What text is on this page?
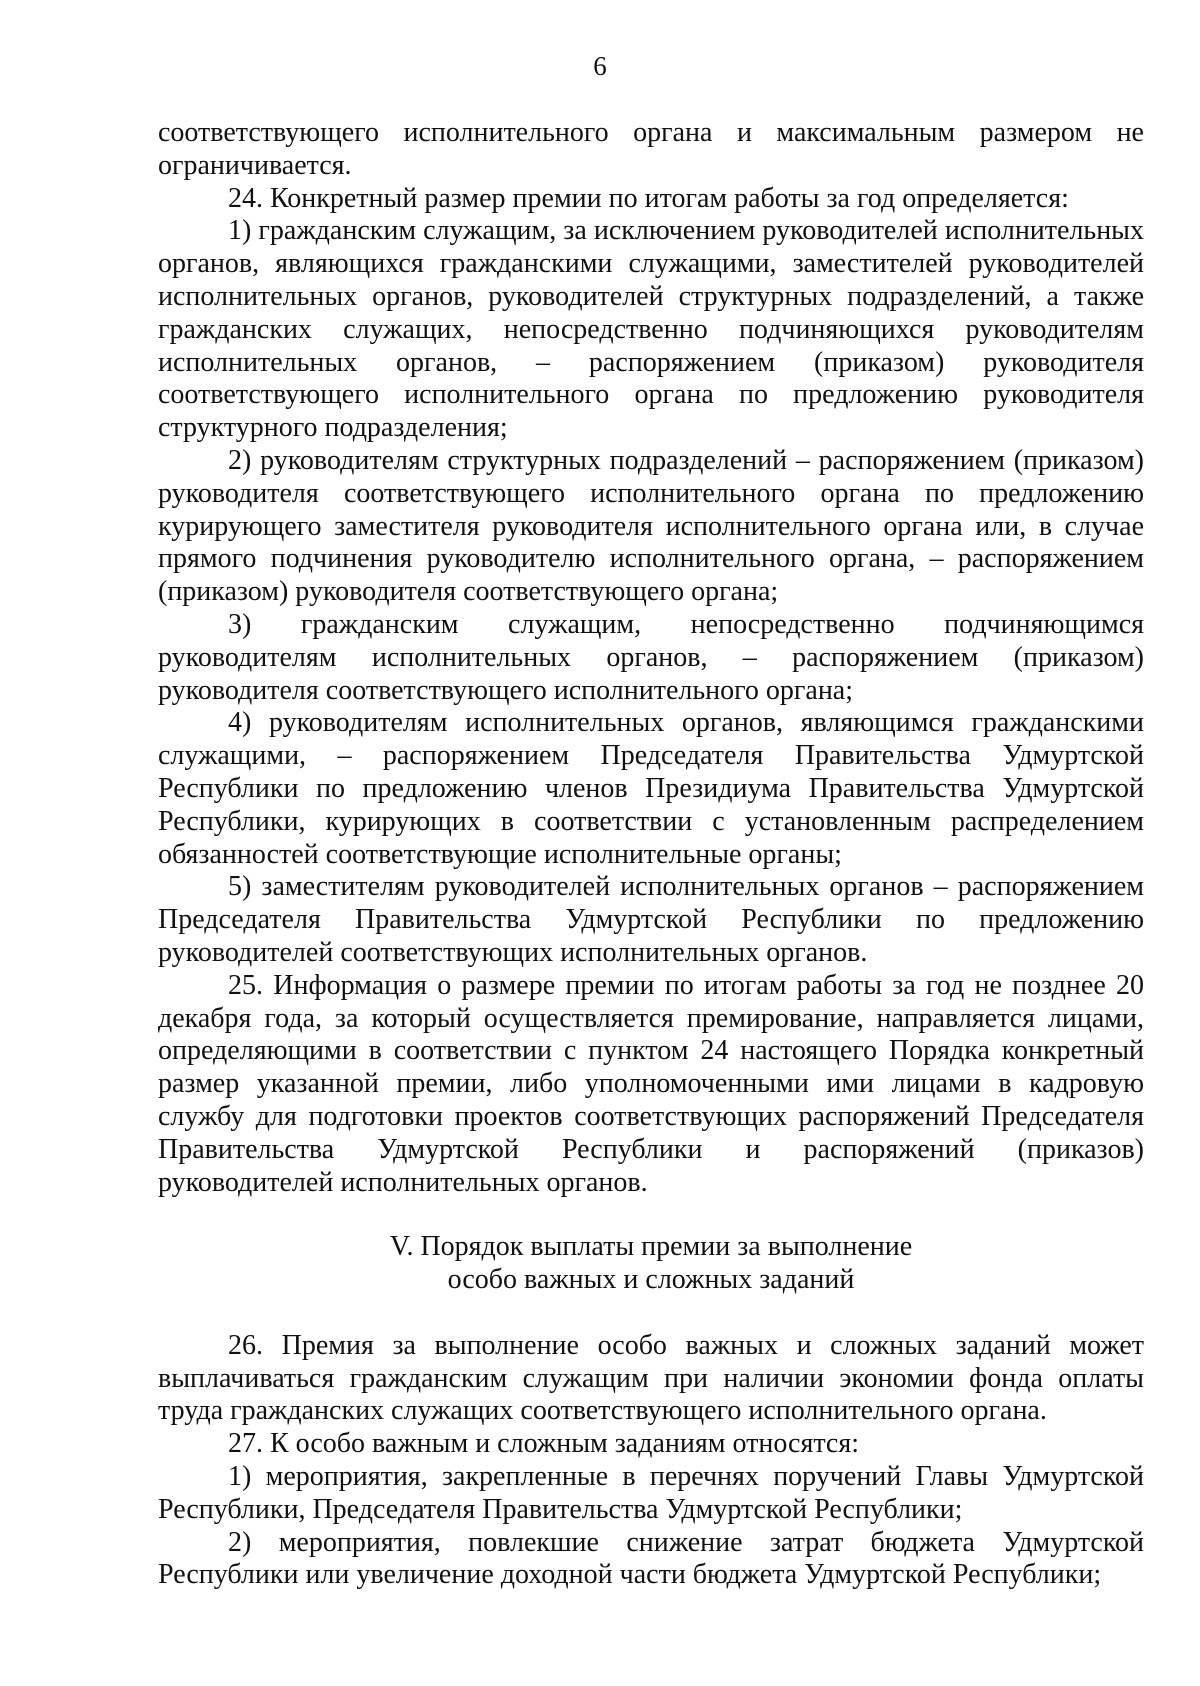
6

соответствующего исполнительного органа и максимальным размером не ограничивается.

24. Конкретный размер премии по итогам работы за год определяется:

1) гражданским служащим, за исключением руководителей исполнительных органов, являющихся гражданскими служащими, заместителей руководителей исполнительных органов, руководителей структурных подразделений, а также гражданских служащих, непосредственно подчиняющихся руководителям исполнительных органов, – распоряжением (приказом) руководителя соответствующего исполнительного органа по предложению руководителя структурного подразделения;

2) руководителям структурных подразделений – распоряжением (приказом) руководителя соответствующего исполнительного органа по предложению курирующего заместителя руководителя исполнительного органа или, в случае прямого подчинения руководителю исполнительного органа, – распоряжением (приказом) руководителя соответствующего органа;

3) гражданским служащим, непосредственно подчиняющимся руководителям исполнительных органов, – распоряжением (приказом) руководителя соответствующего исполнительного органа;

4) руководителям исполнительных органов, являющимся гражданскими служащими, – распоряжением Председателя Правительства Удмуртской Республики по предложению членов Президиума Правительства Удмуртской Республики, курирующих в соответствии с установленным распределением обязанностей соответствующие исполнительные органы;

5) заместителям руководителей исполнительных органов – распоряжением Председателя Правительства Удмуртской Республики по предложению руководителей соответствующих исполнительных органов.

25. Информация о размере премии по итогам работы за год не позднее 20 декабря года, за который осуществляется премирование, направляется лицами, определяющими в соответствии с пунктом 24 настоящего Порядка конкретный размер указанной премии, либо уполномоченными ими лицами в кадровую службу для подготовки проектов соответствующих распоряжений Председателя Правительства Удмуртской Республики и распоряжений (приказов) руководителей исполнительных органов.

V. Порядок выплаты премии за выполнение

особо важных и сложных заданий

26. Премия за выполнение особо важных и сложных заданий может выплачиваться гражданским служащим при наличии экономии фонда оплаты труда гражданских служащих соответствующего исполнительного органа.

27. К особо важным и сложным заданиям относятся:

1) мероприятия, закрепленные в перечнях поручений Главы Удмуртской Республики, Председателя Правительства Удмуртской Республики;

2) мероприятия, повлекшие снижение затрат бюджета Удмуртской Республики или увеличение доходной части бюджета Удмуртской Республики;
